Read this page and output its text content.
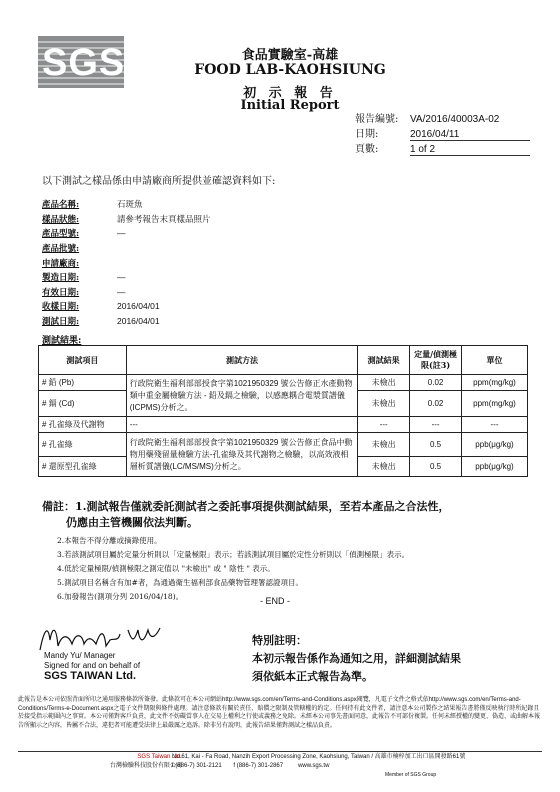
SGS	食品實驗室-高雄
FOOD LAB-KAOHSIUNG
初 示 報 告
Initial Report
報告編號: VA/2016/40003A-02
日期:	2016/04/11
頁數:	1 of 2
以下測試之樣品係由申請廠商所提供並確認資料如下:
產品名稱:	石斑魚
樣品狀態:	請參考報告末頁樣品照片
產品型號:	—
產品批號:
申請廠商:
製造日期:	—
有效日期:	—
收樣日期:	2016/04/01
測試日期:	2016/04/01
測試結果:
測試項目	測試方法	測試結果	定量/偵測極限(註3)	單位
# 鉛 (Pb)	行政院衛生福利部部授食字第1021950329 號公告修正水產動物類中重金屬檢驗方法 - 鉛及鎘之檢驗，以感應耦合電漿質譜儀(ICPMS)分析之。	未檢出	0.02	ppm(mg/kg)
# 鎘 (Cd)		未檢出	0.02	ppm(mg/kg)
# 孔雀綠及代謝物	---	---	---	---
# 孔雀綠	行政院衛生福利部部授食字第1021950329 號公告修正食品中動物用藥殘留量檢驗方法-孔雀綠及其代謝物之檢驗，以高效液相層析質譜儀(LC/MS/MS)分析之。	未檢出	0.5	ppb(μg/kg)
# 還原型孔雀綠		未檢出	0.5	ppb(μg/kg)
備註：1.測試報告僅就委託測試者之委託事項提供測試結果，至若本產品之合法性，
仍應由主管機關依法判斷。
2.本報告不得分離或摘錄使用。
3.若該測試項目屬於定量分析則以「定量極限」表示；若該測試項目屬於定性分析則以「偵測極限」表示。
4.低於定量極限/偵測極限之測定值以 "未檢出" 或 " 陰性 " 表示。
5.測試項目名稱含有加#者，為通過衛生福利部食品藥物管理署認證項目。
6.加發報告(測項分列 2016/04/18)。	- END -
Mandy Yu/ Manager
Signed for and on behalf of
SGS TAIWAN Ltd.
特別註明：
本初示報告係作為通知之用，詳細測試結果
須依紙本正式報告為準。
此報告是本公司依照背面所印之通用服務條款所簽發，此條款可在本公司網站http://www.sgs.com/en/Terms-and-Conditions.aspx閱覽，凡電子文件之格式依http://www.sgs.com/en/Terms-and-Conditions/Terms-e-Document.aspx之電子文件期限與條件處理。請注意條款有關於責任、賠償之限制及管轄權的約定。任何持有此文件者，請注意本公司製作之結果報告書將僅反映執行時所紀錄且於接受指示範圍內之事實。本公司僅對客戶負責，此文件不妨礙當事人在交易上權利之行使或義務之免除。未經本公司事先書面同意，此報告不可部份複製。任何未經授權的變更、偽造、或曲解本報告所顯示之內容，皆屬不合法，違犯者可能遭受法律上最嚴厲之追訴。除非另有說明，此報告結果僅對測試之樣品負責。
SGS Taiwan Ltd.
台灣檢驗科技股份有限公司
No.61, Kai - Fa Road, Nanzih Export Processing Zone, Kaohsiung, Taiwan / 高雄市楠梓加工出口區開發路61號
t (886-7) 301-2121 f (886-7) 301-2867	www.sgs.tw
Member of SGS Group
